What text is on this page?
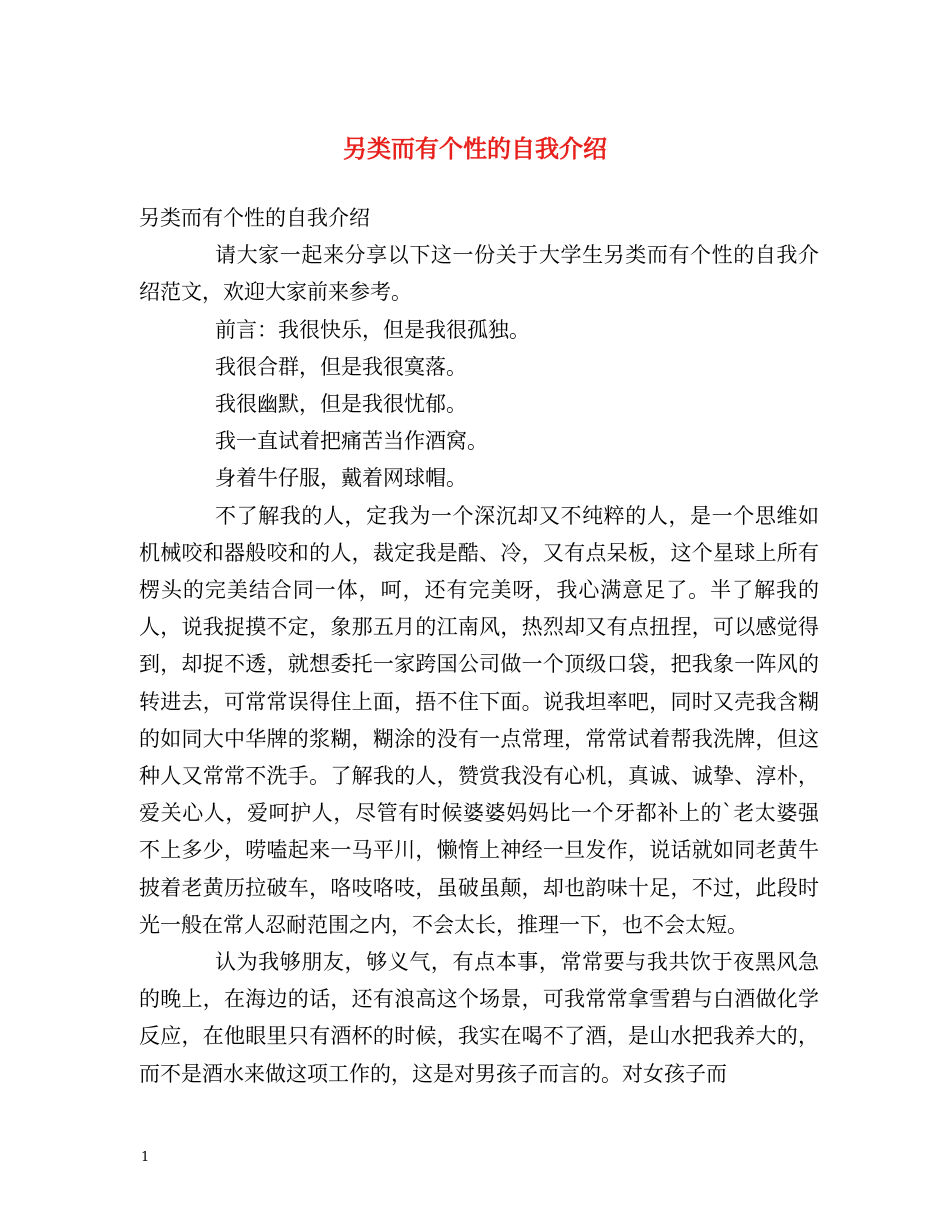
另类而有个性的自我介绍

另类而有个性的自我介绍

请大家一起来分享以下这一份关于大学生另类而有个性的自我介绍范文，欢迎大家前来参考。

前言：我很快乐，但是我很孤独。

我很合群，但是我很寞落。

我很幽默，但是我很忧郁。

我一直试着把痛苦当作酒窝。

身着牛仔服，戴着网球帽。

不了解我的人，定我为一个深沉却又不纯粹的人，是一个思维如机械咬和器般咬和的人，裁定我是酷、冷，又有点呆板，这个星球上所有楞头的完美结合同一体，呵，还有完美呀，我心满意足了。半了解我的人，说我捉摸不定，象那五月的江南风，热烈却又有点扭捏，可以感觉得到，却捉不透，就想委托一家跨国公司做一个顶级口袋，把我象一阵风的转进去，可常常误得住上面，捂不住下面。说我坦率吧，同时又壳我含糊的如同大中华牌的浆糊，糊涂的没有一点常理，常常试着帮我洗牌，但这种人又常常不洗手。了解我的人，赞赏我没有心机，真诚、诚挚、淳朴，爱关心人，爱呵护人，尽管有时候婆婆妈妈比一个牙都补上的`老太婆强不上多少，唠嗑起来一马平川，懒惰上神经一旦发作，说话就如同老黄牛披着老黄历拉破车，咯吱咯吱，虽破虽颠，却也韵味十足，不过，此段时光一般在常人忍耐范围之内，不会太长，推理一下，也不会太短。

认为我够朋友，够义气，有点本事，常常要与我共饮于夜黑风急的晚上，在海边的话，还有浪高这个场景，可我常常拿雪碧与白酒做化学反应，在他眼里只有酒杯的时候，我实在喝不了酒，是山水把我养大的，而不是酒水来做这项工作的，这是对男孩子而言的。对女孩子而

1
